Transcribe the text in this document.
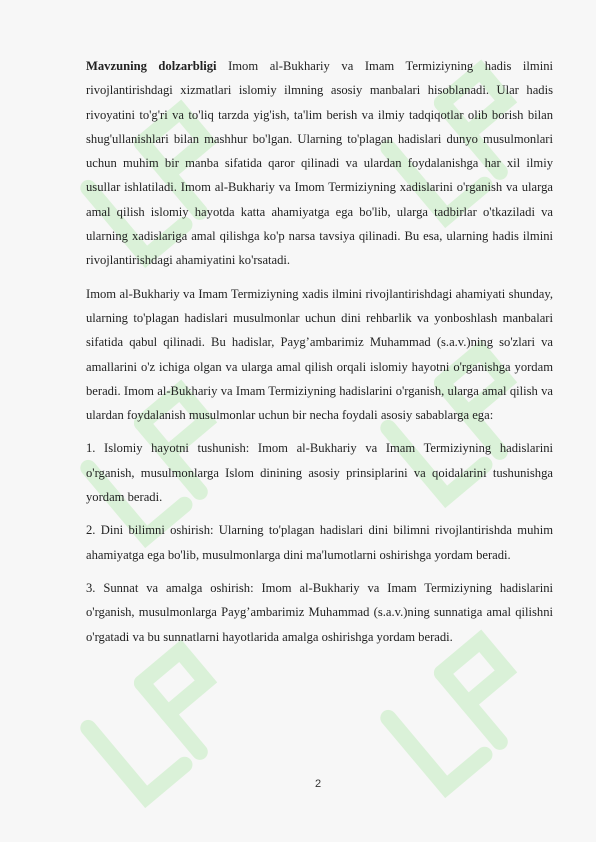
Mavzuning dolzarbligi Imom al-Bukhariy va Imam Termiziyning hadis ilmini rivojlantirishdagi xizmatlari islomiy ilmning asosiy manbalari hisoblanadi. Ular hadis rivoyatini to'g'ri va to'liq tarzda yig'ish, ta'lim berish va ilmiy tadqiqotlar olib borish bilan shug'ullanishlari bilan mashhur bo'lgan. Ularning to'plagan hadislari dunyo musulmonlari uchun muhim bir manba sifatida qaror qilinadi va ulardan foydalanishga har xil ilmiy usullar ishlatiladi. Imom al-Bukhariy va Imom Termiziyning xadislarini o'rganish va ularga amal qilish islomiy hayotda katta ahamiyatga ega bo'lib, ularga tadbirlar o'tkaziladi va ularning xadislariga amal qilishga ko'p narsa tavsiya qilinadi. Bu esa, ularning hadis ilmini rivojlantirishdagi ahamiyatini ko'rsatadi.

Imom al-Bukhariy va Imam Termiziyning xadis ilmini rivojlantirishdagi ahamiyati shunday, ularning to'plagan hadislari musulmonlar uchun dini rehbarlik va yonboshlash manbalari sifatida qabul qilinadi. Bu hadislar, Payg’ambarimiz Muhammad (s.a.v.)ning so'zlari va amallarini o'z ichiga olgan va ularga amal qilish orqali islomiy hayotni o'rganishga yordam beradi. Imom al-Bukhariy va Imam Termiziyning hadislarini o'rganish, ularga amal qilish va ulardan foydalanish musulmonlar uchun bir necha foydali asosiy sabablarga ega:

1. Islomiy hayotni tushunish: Imom al-Bukhariy va Imam Termiziyning hadislarini o'rganish, musulmonlarga Islom dinining asosiy prinsiplarini va qoidalarini tushunishga yordam beradi.

2. Dini bilimni oshirish: Ularning to'plagan hadislari dini bilimni rivojlantirishda muhim ahamiyatga ega bo'lib, musulmonlarga dini ma'lumotlarni oshirishga yordam beradi.

3. Sunnat va amalga oshirish: Imom al-Bukhariy va Imam Termiziyning hadislarini o'rganish, musulmonlarga Payg’ambarimiz Muhammad (s.a.v.)ning sunnatiga amal qilishni o'rgatadi va bu sunnatlarni hayotlarida amalga oshirishga yordam beradi.

2
